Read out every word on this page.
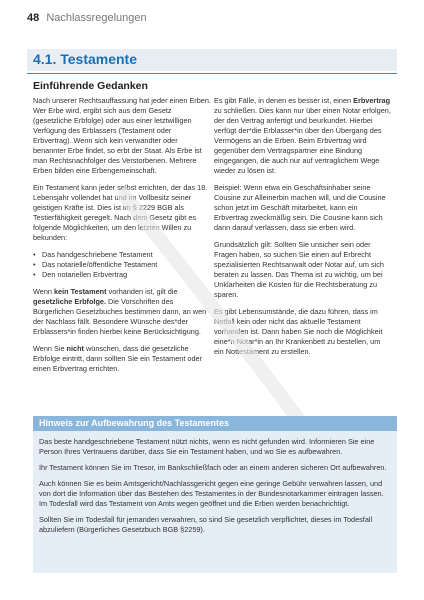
48 Nachlassregelungen
4.1. Testamente
Einführende Gedanken

Nach unserer Rechtsauffassung hat jeder einen Erben. Wer Erbe wird, ergibt sich aus dem Gesetz (gesetzliche Erbfolge) oder aus einer letztwilligen Verfügung des Erblassers (Testament oder Erbvertrag). Wenn sich kein verwandter oder benannter Erbe findet, so erbt der Staat. Als Erbe ist man Rechtsnachfolger des Verstorbenen. Mehrere Erben bilden eine Erbengemeinschaft.

Ein Testament kann jeder selbst errichten, der das 18. Lebensjahr vollendet hat und im Vollbesitz seiner geistigen Kräfte ist. Dies ist im § 2229 BGB als Testierfähigkeit geregelt. Nach dem Gesetz gibt es folgende Möglichkeiten, um den letzten Willen zu bekunden:

• Das handgeschriebene Testament
• Das notarielle/öffentliche Testament
• Den notariellen Erbvertrag

Wenn kein Testament vorhanden ist, gilt die gesetzliche Erbfolge. Die Vorschriften des Bürgerlichen Gesetzbuches bestimmen dann, an wen der Nachlass fällt. Besondere Wünsche des*der Erblassers*in finden hierbei keine Berücksichtigung.

Wenn Sie nicht wünschen, dass die gesetzliche Erbfolge eintritt, dann sollten Sie ein Testament oder einen Erbvertrag errichten.

Es gibt Fälle, in denen es besser ist, einen Erbvertrag zu schließen. Dies kann nur über einen Notar erfolgen, der den Vertrag anfertigt und beurkundet. Hierbei verfügt der*die Erblasser*in über den Übergang des Vermögens an die Erben. Beim Erbvertrag wird gegenüber dem Vertragspartner eine Bindung eingegangen, die auch nur auf vertraglichem Wege wieder zu lösen ist.

Beispiel: Wenn etwa ein Geschäftsinhaber seine Cousine zur Alleinerbin machen will, und die Cousine schon jetzt im Geschäft mitarbeitet, kann ein Erbvertrag zweckmäßig sein. Die Cousine kann sich dann darauf verlassen, dass sie erben wird.

Grundsätzlich gilt: Sollten Sie unsicher sein oder Fragen haben, so suchen Sie einen auf Erbrecht spezialisierten Rechtsanwalt oder Notar auf, um sich beraten zu lassen. Das Thema ist zu wichtig, um bei Unklarheiten die Kosten für die Rechtsberatung zu sparen.

Es gibt Lebensumstände, die dazu führen, dass im Notfall kein oder nicht das aktuelle Testament vorhanden ist. Dann haben Sie noch die Möglichkeit eine*n Notar*in an Ihr Krankenbett zu bestellen, um ein Nottestament zu erstellen.

Hinweis zur Aufbewahrung des Testamentes

Das beste handgeschriebene Testament nützt nichts, wenn es nicht gefunden wird. Informieren Sie eine Person Ihres Vertrauens darüber, dass Sie ein Testament haben, und wo Sie es aufbewahren.

Ihr Testament können Sie im Tresor, im Bankschließfach oder an einem anderen sicheren Ort aufbewahren.

Auch können Sie es beim Amtsgericht/Nachlassgericht gegen eine geringe Gebühr verwahren lassen, und von dort die Information über das Bestehen des Testamentes in der Bundesnotarkammer eintragen lassen. Im Todesfall wird das Testament von Amts wegen geöffnet und die Erben werden benachrichtigt.

Sollten Sie im Todesfall für jemanden verwahren, so sind Sie gesetzlich verpflichtet, dieses im Todesfall abzuliefern (Bürgerliches Gesetzbuch BGB §2259).
